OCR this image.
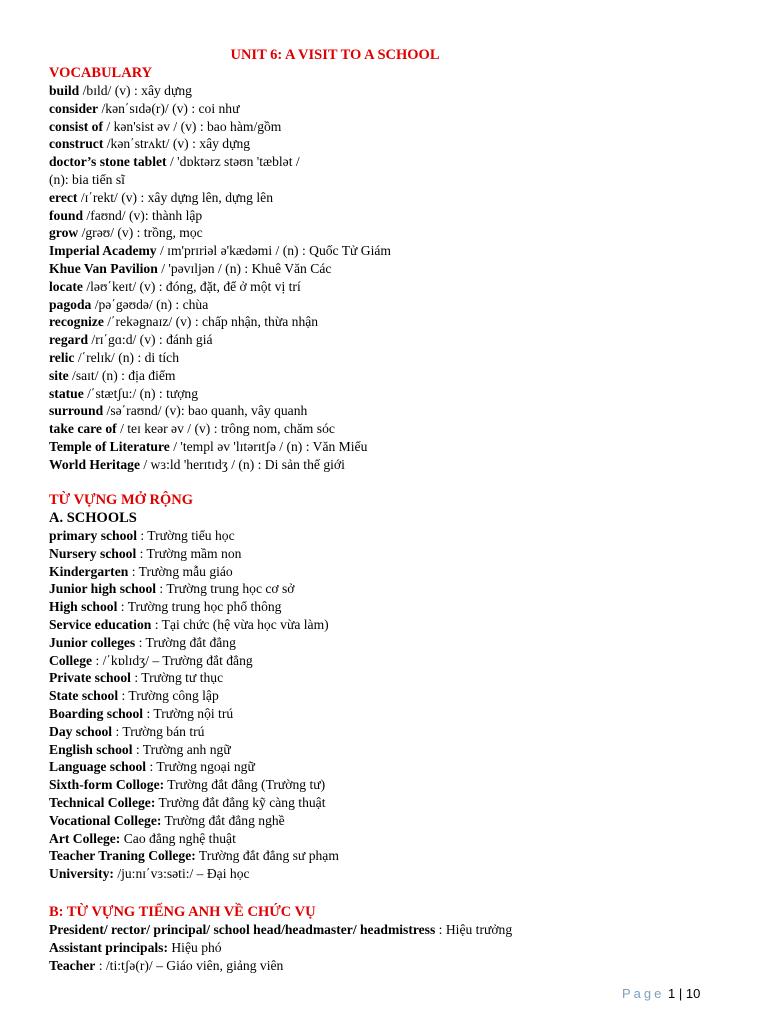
UNIT 6: A VISIT TO A SCHOOL
VOCABULARY
build /bɪld/ (v) : xây dựng
consider /kən΄sɪdə(r)/ (v) : coi như
consist of / kən'sist əv / (v) : bao hàm/gồm
construct /kən΄strʌkt/ (v) : xây dựng
doctor’s stone tablet / 'dɒktərz stəʊn 'tæblət /
(n): bia tiến sĩ
erect /ɪ΄rekt/ (v) : xây dựng lên, dựng lên
found /faʊnd/ (v): thành lập
grow /grəʊ/ (v) : trồng, mọc
Imperial Academy / ɪm'prɪriəl ə'kædəmi / (n) : Quốc Tử Giám
Khue Van Pavilion / 'pəvɪljən / (n) : Khuê Văn Các
locate /ləʊ΄keɪt/ (v) : đóng, đặt, để ở một vị trí
pagoda /pə΄gəʊdə/ (n) : chùa
recognize /΄rekəgnaɪz/ (v) : chấp nhận, thừa nhận
regard /rɪ΄gɑ:d/ (v) : đánh giá
relic /΄relɪk/ (n) : di tích
site /saɪt/ (n) : địa điểm
statue /΄stætʃu:/ (n) : tượng
surround /sə΄raʊnd/ (v): bao quanh, vây quanh
take care of / teɪ keər əv / (v) : trông nom, chăm sóc
Temple of Literature / 'templ əv 'lɪtərɪtʃə / (n) : Văn Miếu
World Heritage / wɜ:ld 'herɪtɪdʒ / (n) : Di sản thế giới
TỪ VỰNG MỞ RỘNG
A. SCHOOLS
primary school : Trường tiểu học
Nursery school : Trường mầm non
Kindergarten : Trường mẫu giáo
Junior high school : Trường trung học cơ sở
High school : Trường trung học phổ thông
Service education : Tại chức (hệ vừa học vừa làm)
Junior colleges : Trường đắt đẳng
College : /΄kɒlɪdʒ/ – Trường đắt đẳng
Private school : Trường tư thục
State school : Trường công lập
Boarding school : Trường nội trú
Day school : Trường bán trú
English school : Trường anh ngữ
Language school : Trường ngoại ngữ
Sixth-form Colloge: Trường đắt đẳng (Trường tư)
Technical College: Trường đắt đẳng kỹ càng thuật
Vocational College: Trường đắt đẳng nghề
Art College: Cao đẳng nghệ thuật
Teacher Traning College: Trường đắt đẳng sư phạm
University: /ju:nɪ΄vɜ:səti:/ – Đại học
B: TỪ VỰNG TIẾNG ANH VỀ CHỨC VỤ
President/ rector/ principal/ school head/headmaster/ headmistress : Hiệu trưởng
Assistant principals: Hiệu phó
Teacher : /ti:tʃə(r)/ – Giáo viên, giảng viên
Page 1 | 10
